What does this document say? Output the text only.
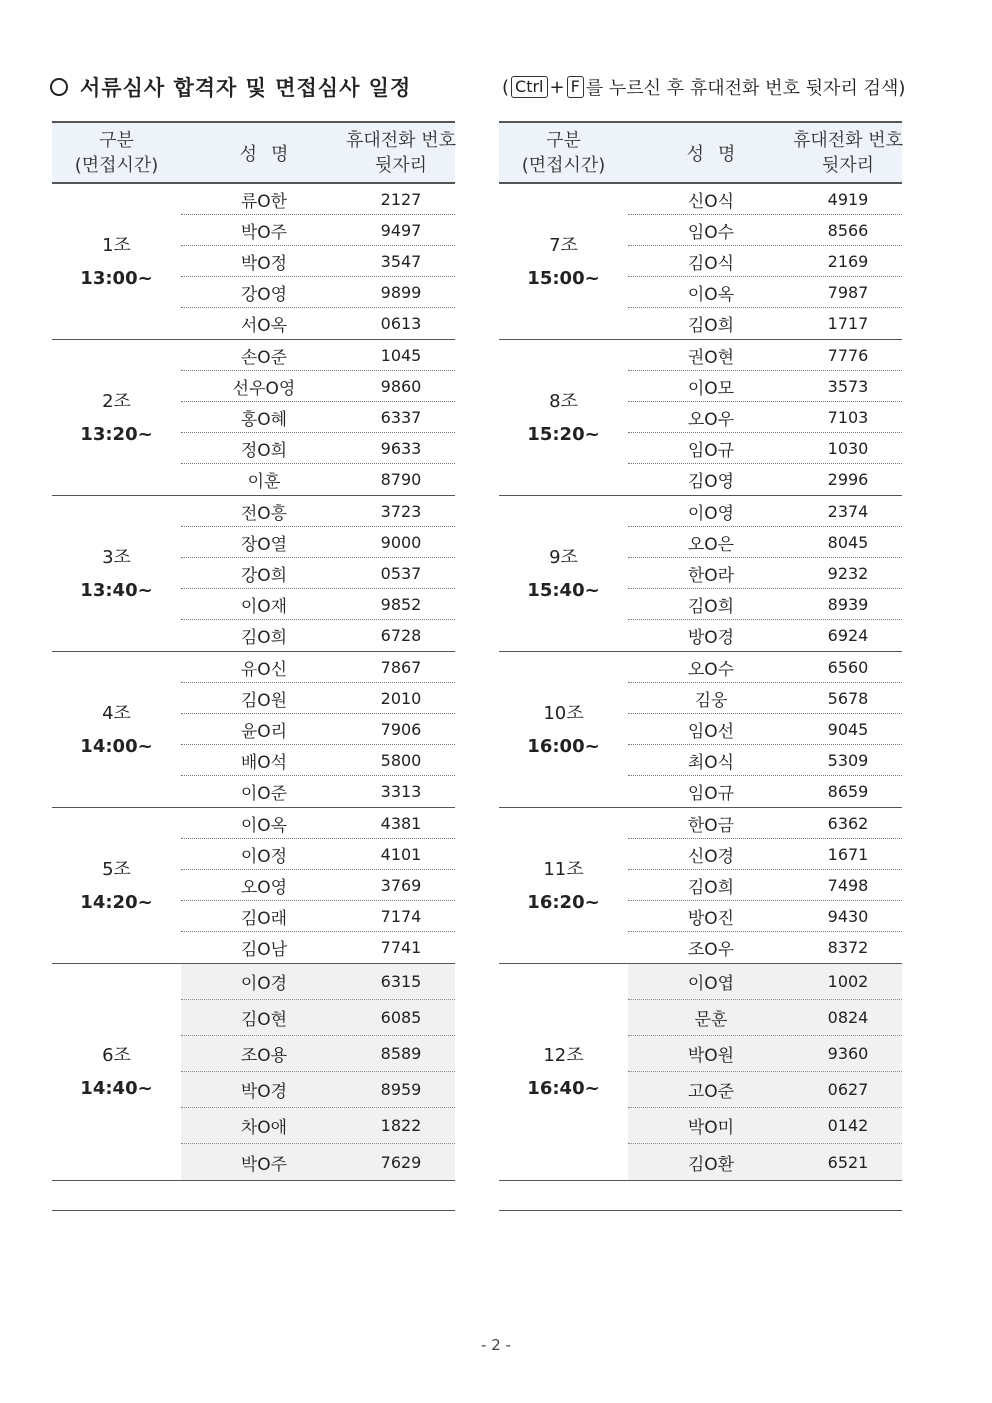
서류심사 합격자 및 면접심사 일정	( Ctrl + F 를 누르신 후 휴대전화 번호 뒷자리 검색)
구분
(면접시간)
성명
휴대전화 번호
뒷자리
1조
13:00~
류O한	2127
박O주	9497
박O정	3547
강O영	9899
서O옥	0613
2조
13:20~
손O준	1045
선우O영	9860
홍O혜	6337
정O희	9633
이훈	8790
3조
13:40~
전O흥	3723
장O열	9000
강O희	0537
이O재	9852
김O희	6728
4조
14:00~
유O신	7867
김O원	2010
윤O리	7906
배O석	5800
이O준	3313
5조
14:20~
이O옥	4381
이O정	4101
오O영	3769
김O래	7174
김O남	7741
6조
14:40~
이O경	6315
김O현	6085
조O용	8589
박O경	8959
차O애	1822
박O주	7629
구분
(면접시간)
성명
휴대전화 번호
뒷자리
7조
15:00~
신O식	4919
임O수	8566
김O식	2169
이O옥	7987
김O희	1717
8조
15:20~
권O현	7776
이O모	3573
오O우	7103
임O규	1030
김O영	2996
9조
15:40~
이O영	2374
오O은	8045
한O라	9232
김O희	8939
방O경	6924
10조
16:00~
오O수	6560
김웅	5678
임O선	9045
최O식	5309
임O규	8659
11조
16:20~
한O금	6362
신O경	1671
김O희	7498
방O진	9430
조O우	8372
12조
16:40~
이O엽	1002
문훈	0824
박O원	9360
고O준	0627
박O미	0142
김O환	6521
- 2 -
